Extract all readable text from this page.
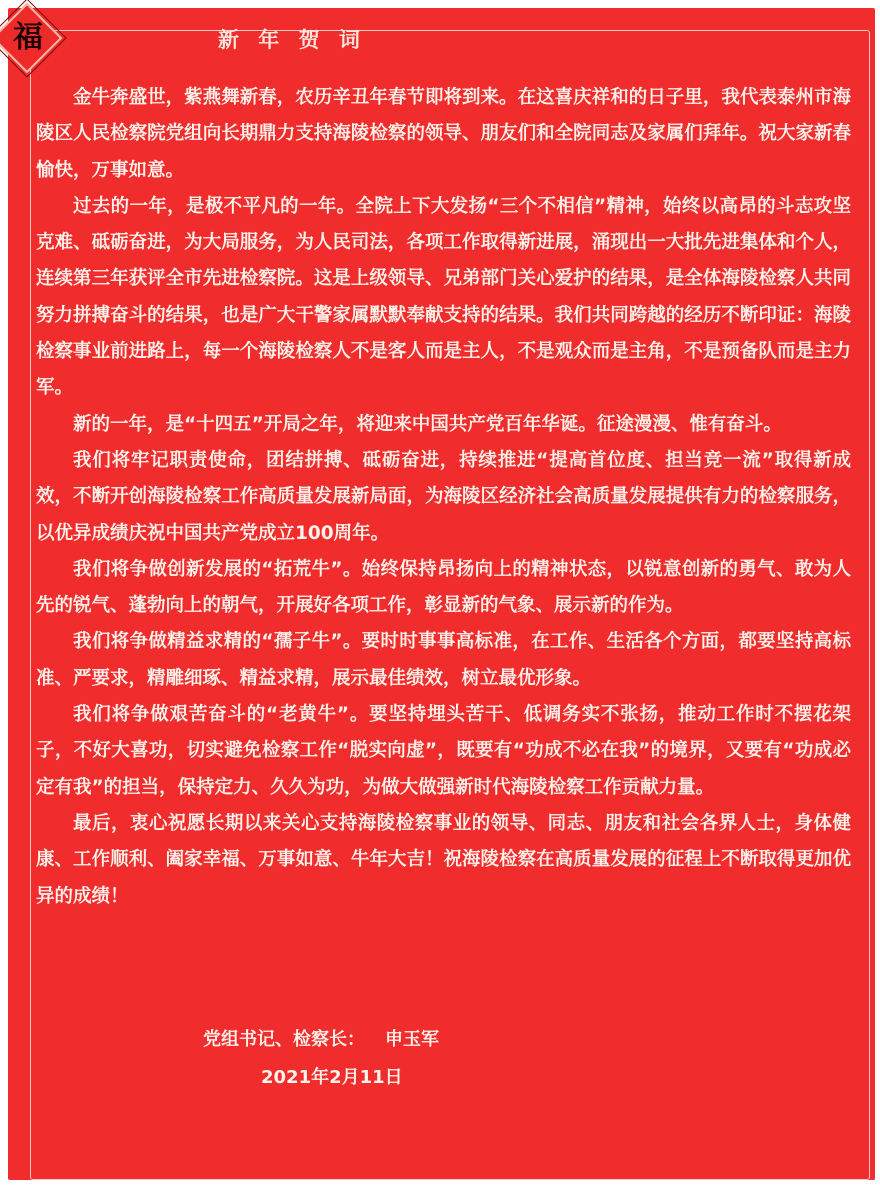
福	新 年 贺 词

金牛奔盛世，紫燕舞新春，农历辛丑年春节即将到来。在这喜庆祥和的日子里，我代表泰州市海陵区人民检察院党组向长期鼎力支持海陵检察的领导、朋友们和全院同志及家属们拜年。祝大家新春愉快，万事如意。

过去的一年，是极不平凡的一年。全院上下大发扬“三个不相信”精神，始终以高昂的斗志攻坚克难、砥砺奋进，为大局服务，为人民司法，各项工作取得新进展，涌现出一大批先进集体和个人，连续第三年获评全市先进检察院。这是上级领导、兄弟部门关心爱护的结果，是全体海陵检察人共同努力拼搏奋斗的结果，也是广大干警家属默默奉献支持的结果。我们共同跨越的经历不断印证：海陵检察事业前进路上，每一个海陵检察人不是客人而是主人，不是观众而是主角，不是预备队而是主力军。

新的一年，是“十四五”开局之年，将迎来中国共产党百年华诞。征途漫漫、惟有奋斗。

我们将牢记职责使命，团结拼搏、砥砺奋进，持续推进“提高首位度、担当竞一流”取得新成效，不断开创海陵检察工作高质量发展新局面，为海陵区经济社会高质量发展提供有力的检察服务，以优异成绩庆祝中国共产党成立100周年。

我们将争做创新发展的“拓荒牛”。始终保持昂扬向上的精神状态，以锐意创新的勇气、敢为人先的锐气、蓬勃向上的朝气，开展好各项工作，彰显新的气象、展示新的作为。

我们将争做精益求精的“孺子牛”。要时时事事高标准，在工作、生活各个方面，都要坚持高标准、严要求，精雕细琢、精益求精，展示最佳绩效，树立最优形象。

我们将争做艰苦奋斗的“老黄牛”。要坚持埋头苦干、低调务实不张扬，推动工作时不摆花架子，不好大喜功，切实避免检察工作“脱实向虚”，既要有“功成不必在我”的境界，又要有“功成必定有我”的担当，保持定力、久久为功，为做大做强新时代海陵检察工作贡献力量。

最后，衷心祝愿长期以来关心支持海陵检察事业的领导、同志、朋友和社会各界人士，身体健康、工作顺利、阖家幸福、万事如意、牛年大吉！祝海陵检察在高质量发展的征程上不断取得更加优异的成绩！

党组书记、检察长： 申玉军
2021年2月11日
